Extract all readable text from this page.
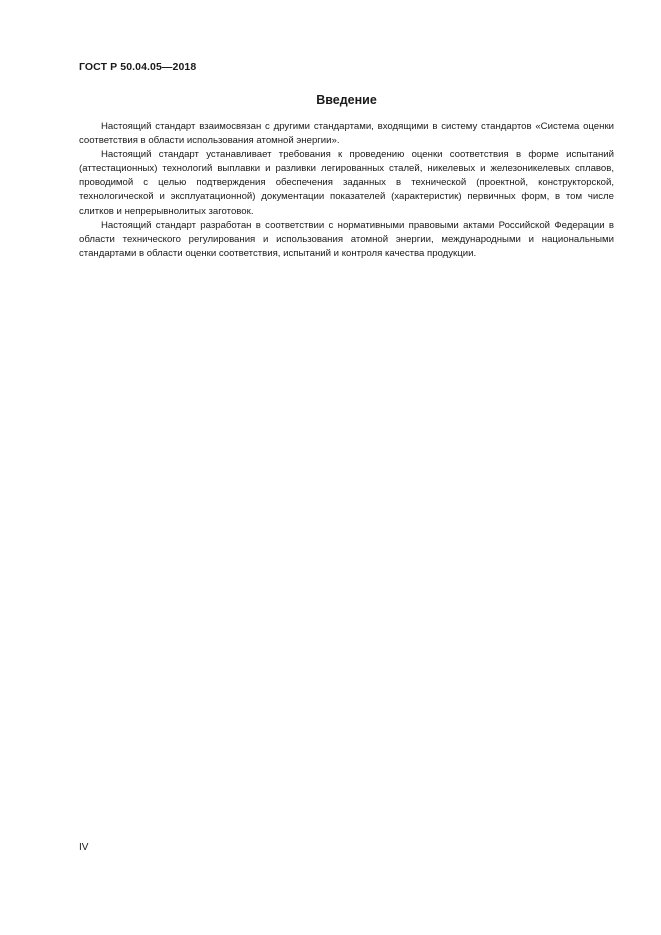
ГОСТ Р 50.04.05—2018
Введение

Настоящий стандарт взаимосвязан с другими стандартами, входящими в систему стандартов «Система оценки соответствия в области использования атомной энергии».

Настоящий стандарт устанавливает требования к проведению оценки соответствия в форме испытаний (аттестационных) технологий выплавки и разливки легированных сталей, никелевых и железоникелевых сплавов, проводимой с целью подтверждения обеспечения заданных в технической (проектной, конструкторской, технологической и эксплуатационной) документации показателей (характеристик) первичных форм, в том числе слитков и непрерывнолитых заготовок.

Настоящий стандарт разработан в соответствии с нормативными правовыми актами Российской Федерации в области технического регулирования и использования атомной энергии, международными и национальными стандартами в области оценки соответствия, испытаний и контроля качества продукции.

IV
